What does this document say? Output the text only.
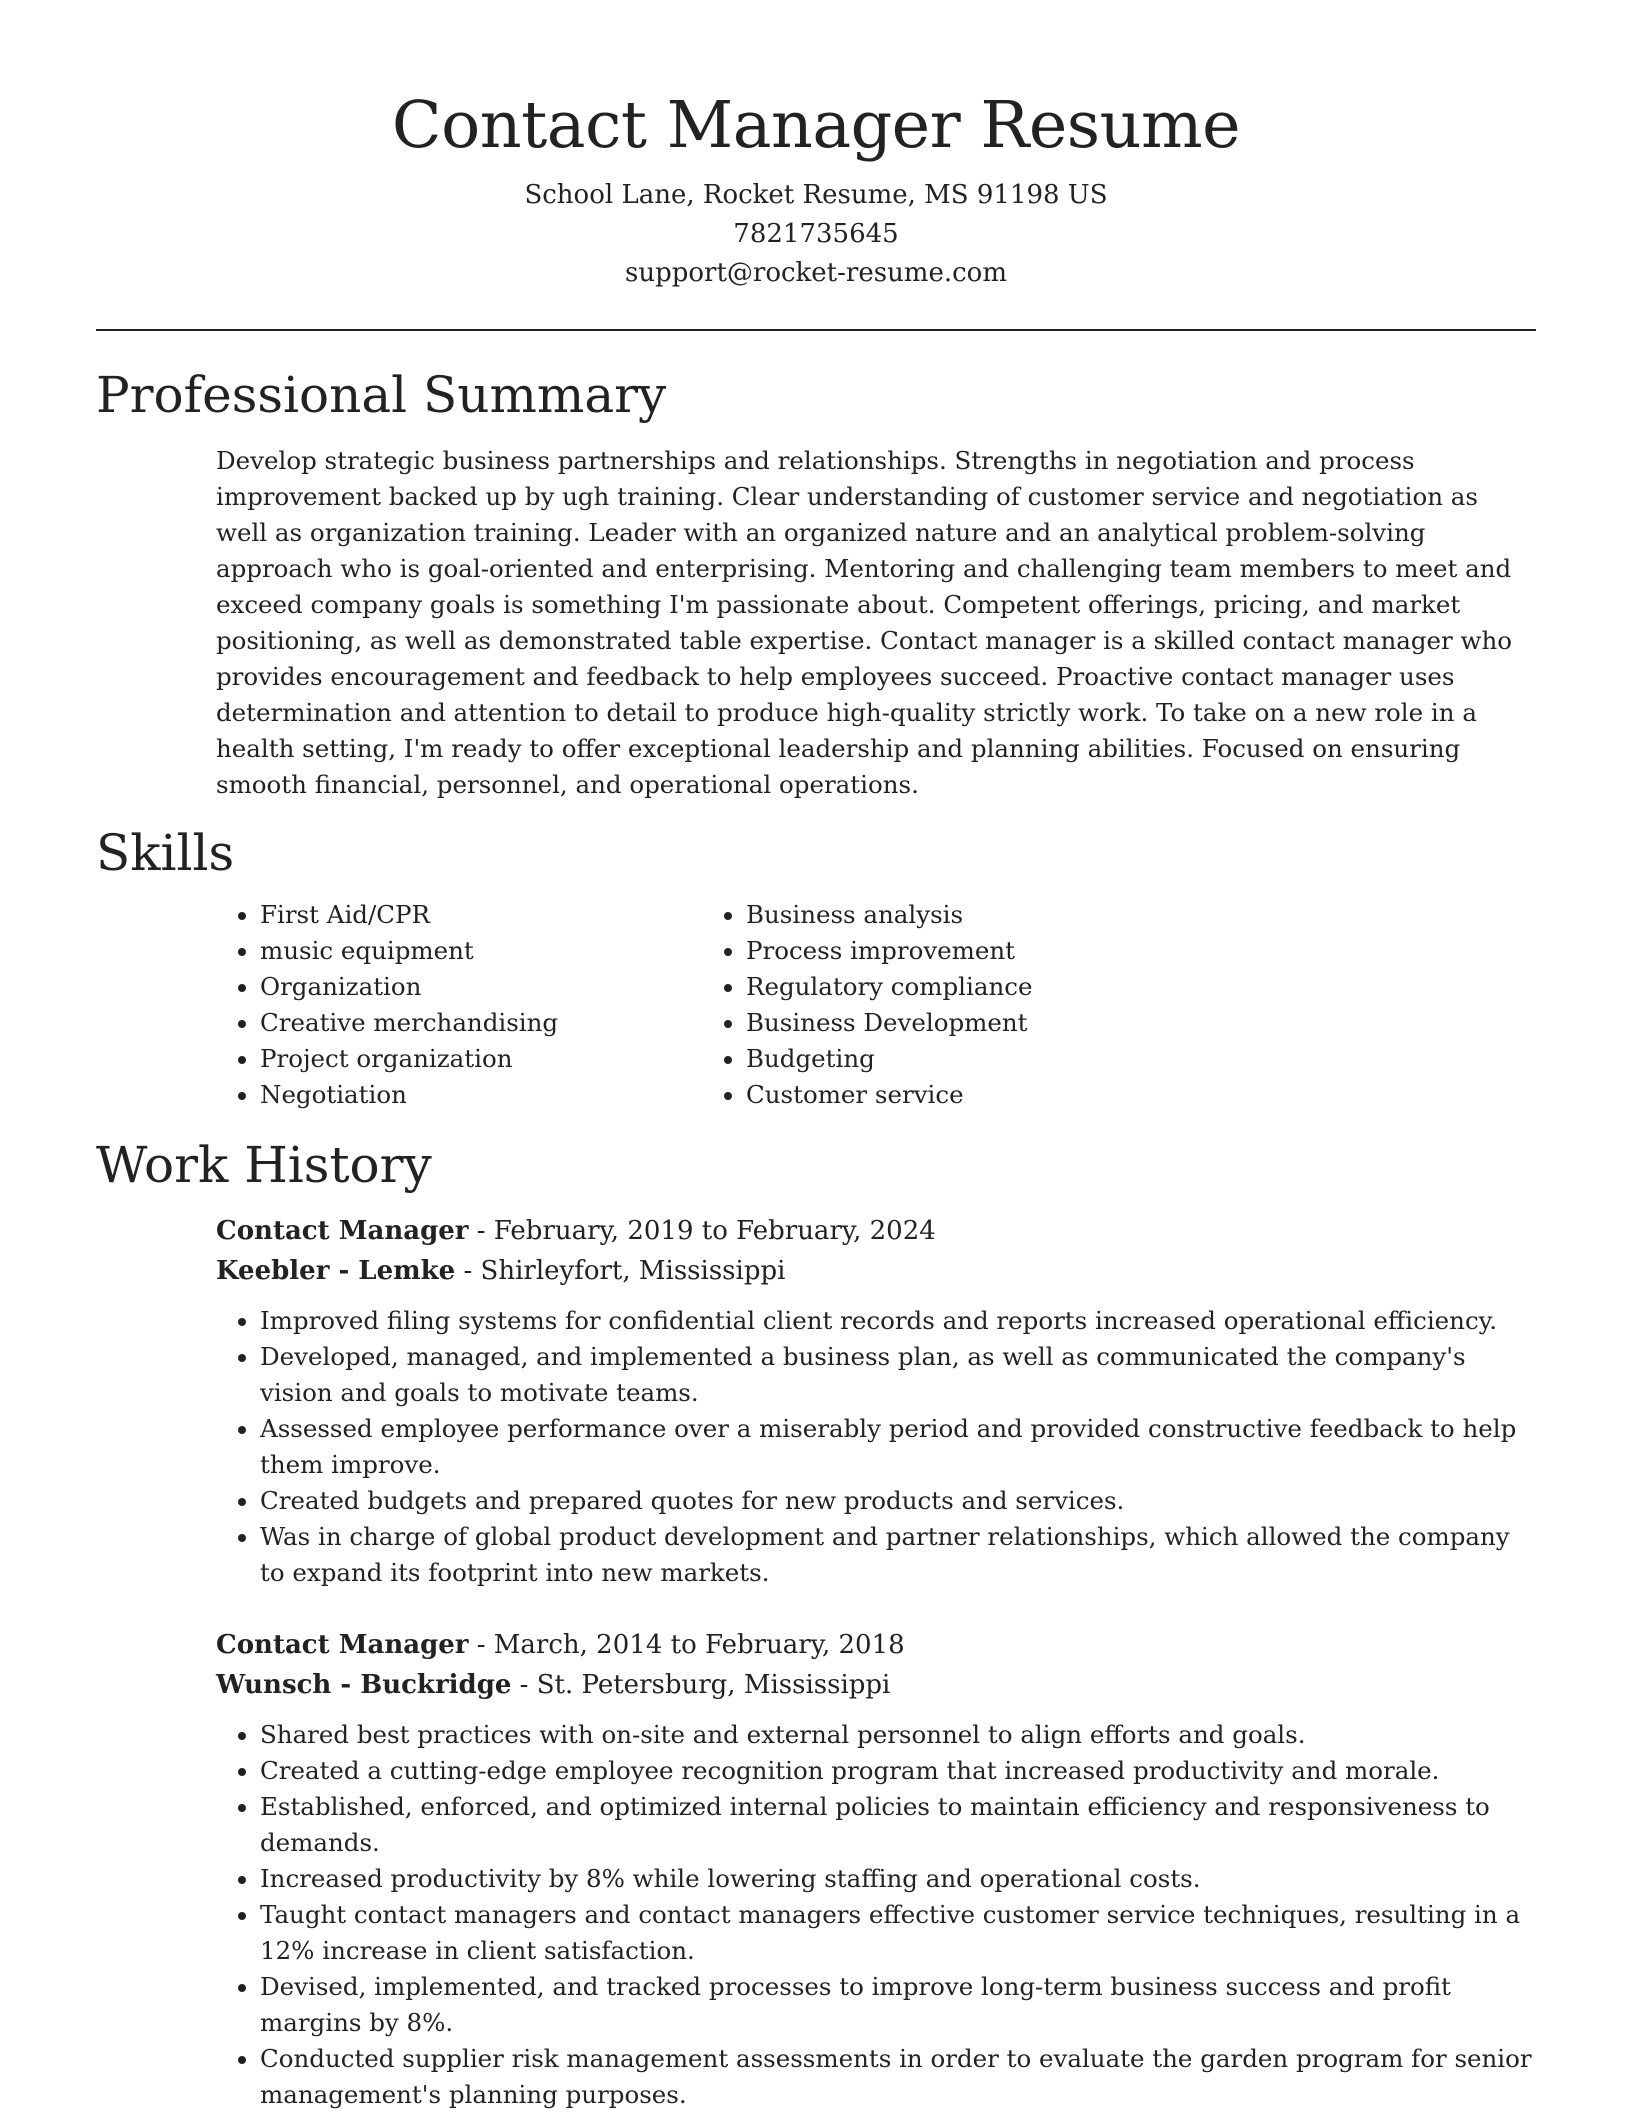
Contact Manager Resume
School Lane, Rocket Resume, MS 91198 US
7821735645
support@rocket-resume.com
Professional Summary

Develop strategic business partnerships and relationships. Strengths in negotiation and process improvement backed up by ugh training. Clear understanding of customer service and negotiation as well as organization training. Leader with an organized nature and an analytical problem-solving approach who is goal-oriented and enterprising. Mentoring and challenging team members to meet and exceed company goals is something I'm passionate about. Competent offerings, pricing, and market positioning, as well as demonstrated table expertise. Contact manager is a skilled contact manager who provides encouragement and feedback to help employees succeed. Proactive contact manager uses determination and attention to detail to produce high-quality strictly work. To take on a new role in a health setting, I'm ready to offer exceptional leadership and planning abilities. Focused on ensuring smooth financial, personnel, and operational operations.

Skills
• First Aid/CPR
• music equipment
• Organization
• Creative merchandising
• Project organization
• Negotiation
• Business analysis
• Process improvement
• Regulatory compliance
• Business Development
• Budgeting
• Customer service
Work History
Contact Manager - February, 2019 to February, 2024
Keebler - Lemke - Shirleyfort, Mississippi
• Improved filing systems for confidential client records and reports increased operational efficiency.
• Developed, managed, and implemented a business plan, as well as communicated the company's vision and goals to motivate teams.
• Assessed employee performance over a miserably period and provided constructive feedback to help them improve.
• Created budgets and prepared quotes for new products and services.
• Was in charge of global product development and partner relationships, which allowed the company to expand its footprint into new markets.
Contact Manager - March, 2014 to February, 2018
Wunsch - Buckridge - St. Petersburg, Mississippi
• Shared best practices with on-site and external personnel to align efforts and goals.
• Created a cutting-edge employee recognition program that increased productivity and morale.
• Established, enforced, and optimized internal policies to maintain efficiency and responsiveness to demands.
• Increased productivity by 8% while lowering staffing and operational costs.
• Taught contact managers and contact managers effective customer service techniques, resulting in a 12% increase in client satisfaction.
• Devised, implemented, and tracked processes to improve long-term business success and profit margins by 8%.
• Conducted supplier risk management assessments in order to evaluate the garden program for senior management's planning purposes.
